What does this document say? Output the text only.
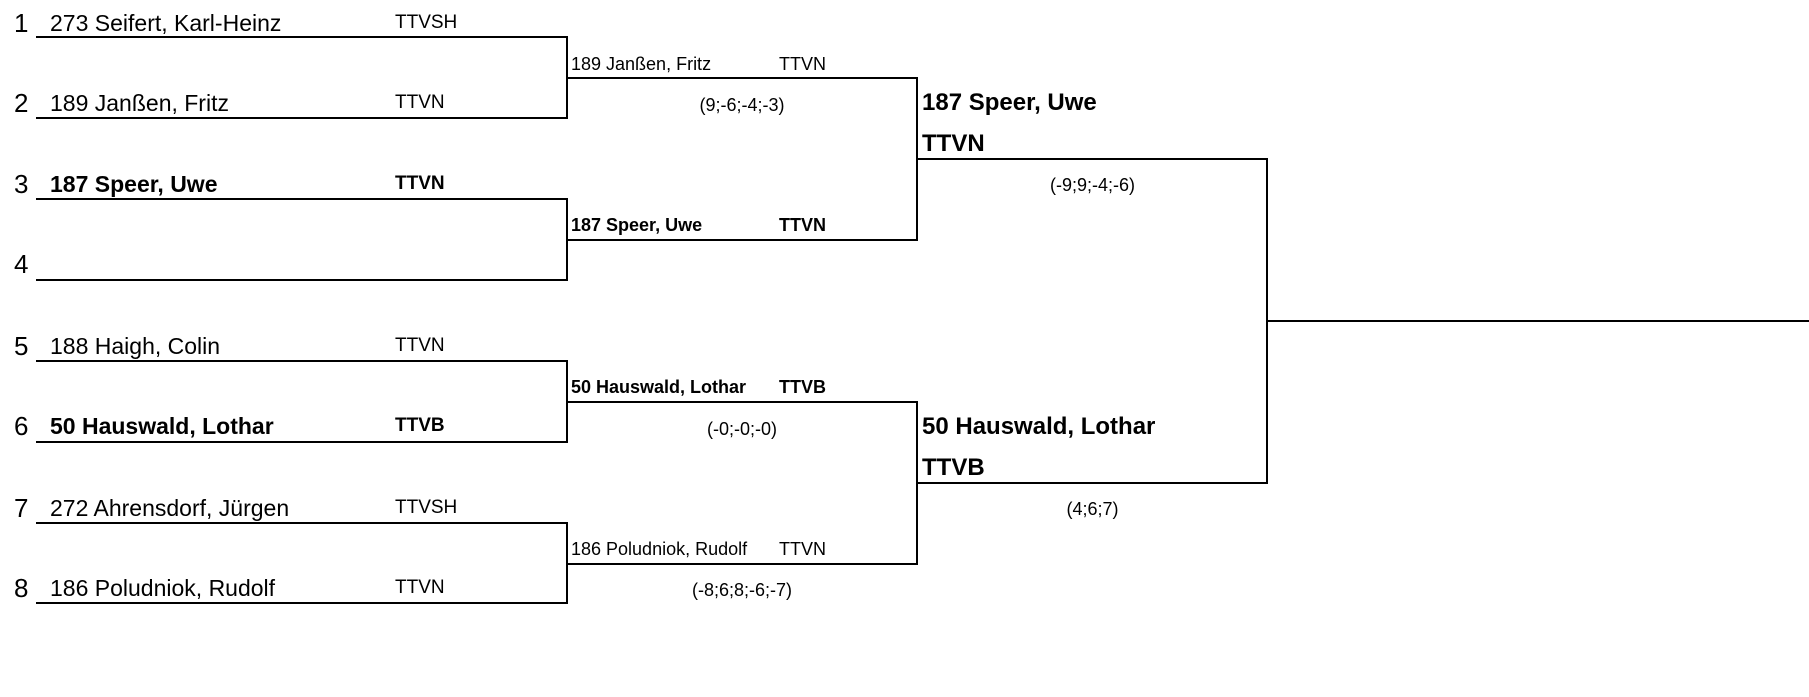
1 273 Seifert, Karl-Heinz	TTVSH
2 189 Janßen, Fritz	TTVN
3 187 Speer, Uwe	TTVN
4
5 188 Haigh, Colin	TTVN
6 50 Hauswald, Lothar	TTVB
7 272 Ahrensdorf, Jürgen	TTVSH
8 186 Poludniok, Rudolf	TTVN
189 Janßen, Fritz	TTVN
(9;-6;-4;-3)
187 Speer, Uwe	TTVN
50 Hauswald, Lothar TTVB
(-0;-0;-0)
186 Poludniok, Rudolf	TTVN
(-8;6;8;-6;-7)
187 Speer, Uwe
TTVN
(-9;9;-4;-6)
50 Hauswald, Lothar
TTVB
(4;6;7)
